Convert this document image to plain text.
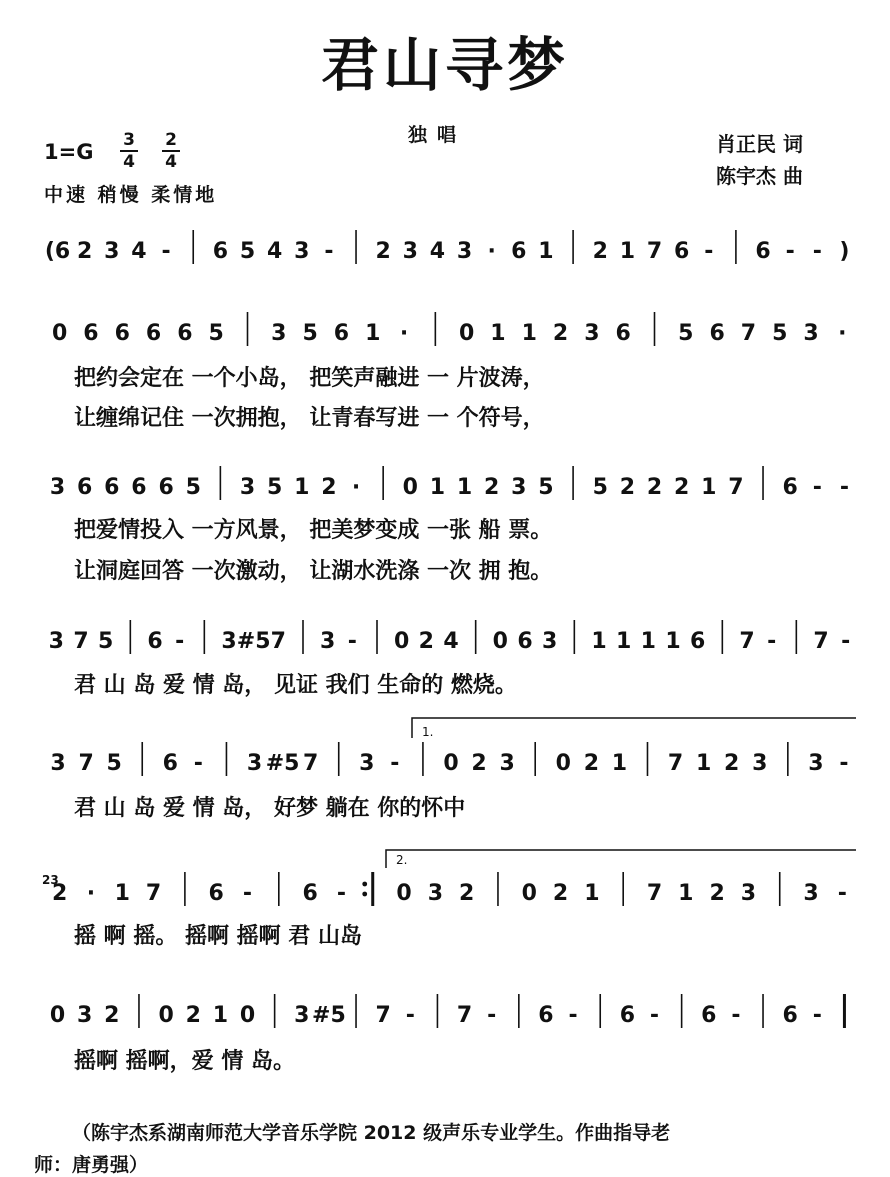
君山寻梦
独唱	肖正民 词
陈宇杰 曲
1=G 3
4
2
4
中速 稍慢 柔情地
(6 2 3 4 - 6 5 4 3 - 2 3 4 3 · 6 1 2 1 7 6 - 6 - - )
0 6 6 6 6 5 3 5 6 1 · 0 1 1 2 3 6 5 6 7 5 3 ·
把约会定在 一个小岛， 把笑声融进 一 片波涛，
让缠绵记住 一次拥抱， 让青春写进 一 个符号，
3 6 6 6 6 5 3 5 1 2 · 0 1 1 2 3 5 5 2 2 2 1 7 6 - -
把爱情投入 一方风景， 把美梦变成 一张 船 票。
让洞庭回答 一次激动， 让湖水洗涤 一次 拥 抱。
3 7 5 6 - 3 #5 7 3 - 0 2 4 0 6 3 1 1 1 1 6 7 - 7 -
君 山 岛 爱 情 岛， 见证 我们 生命的 燃烧。
3 7 5 6 - 3 #5 7 3 - 0 2 3 0 2 1 7 1 2 3 3 -
君 山 岛 爱 情 岛， 好梦 躺在 你的怀中
2 · 1 7 6 - 6 - 0 3 2 0 2 1 7 1 2 3 3 -
摇 啊 摇。 摇啊 摇啊 君 山岛
0 3 2 0 2 1 0 3 #5 7 - 7 - 6 - 6 - 6 - 6 -
摇啊 摇啊，爱 情 岛。
1.
2.
23
（陈宇杰系湖南师范大学音乐学院 2012 级声乐专业学生。作曲指导老
师：唐勇强）
